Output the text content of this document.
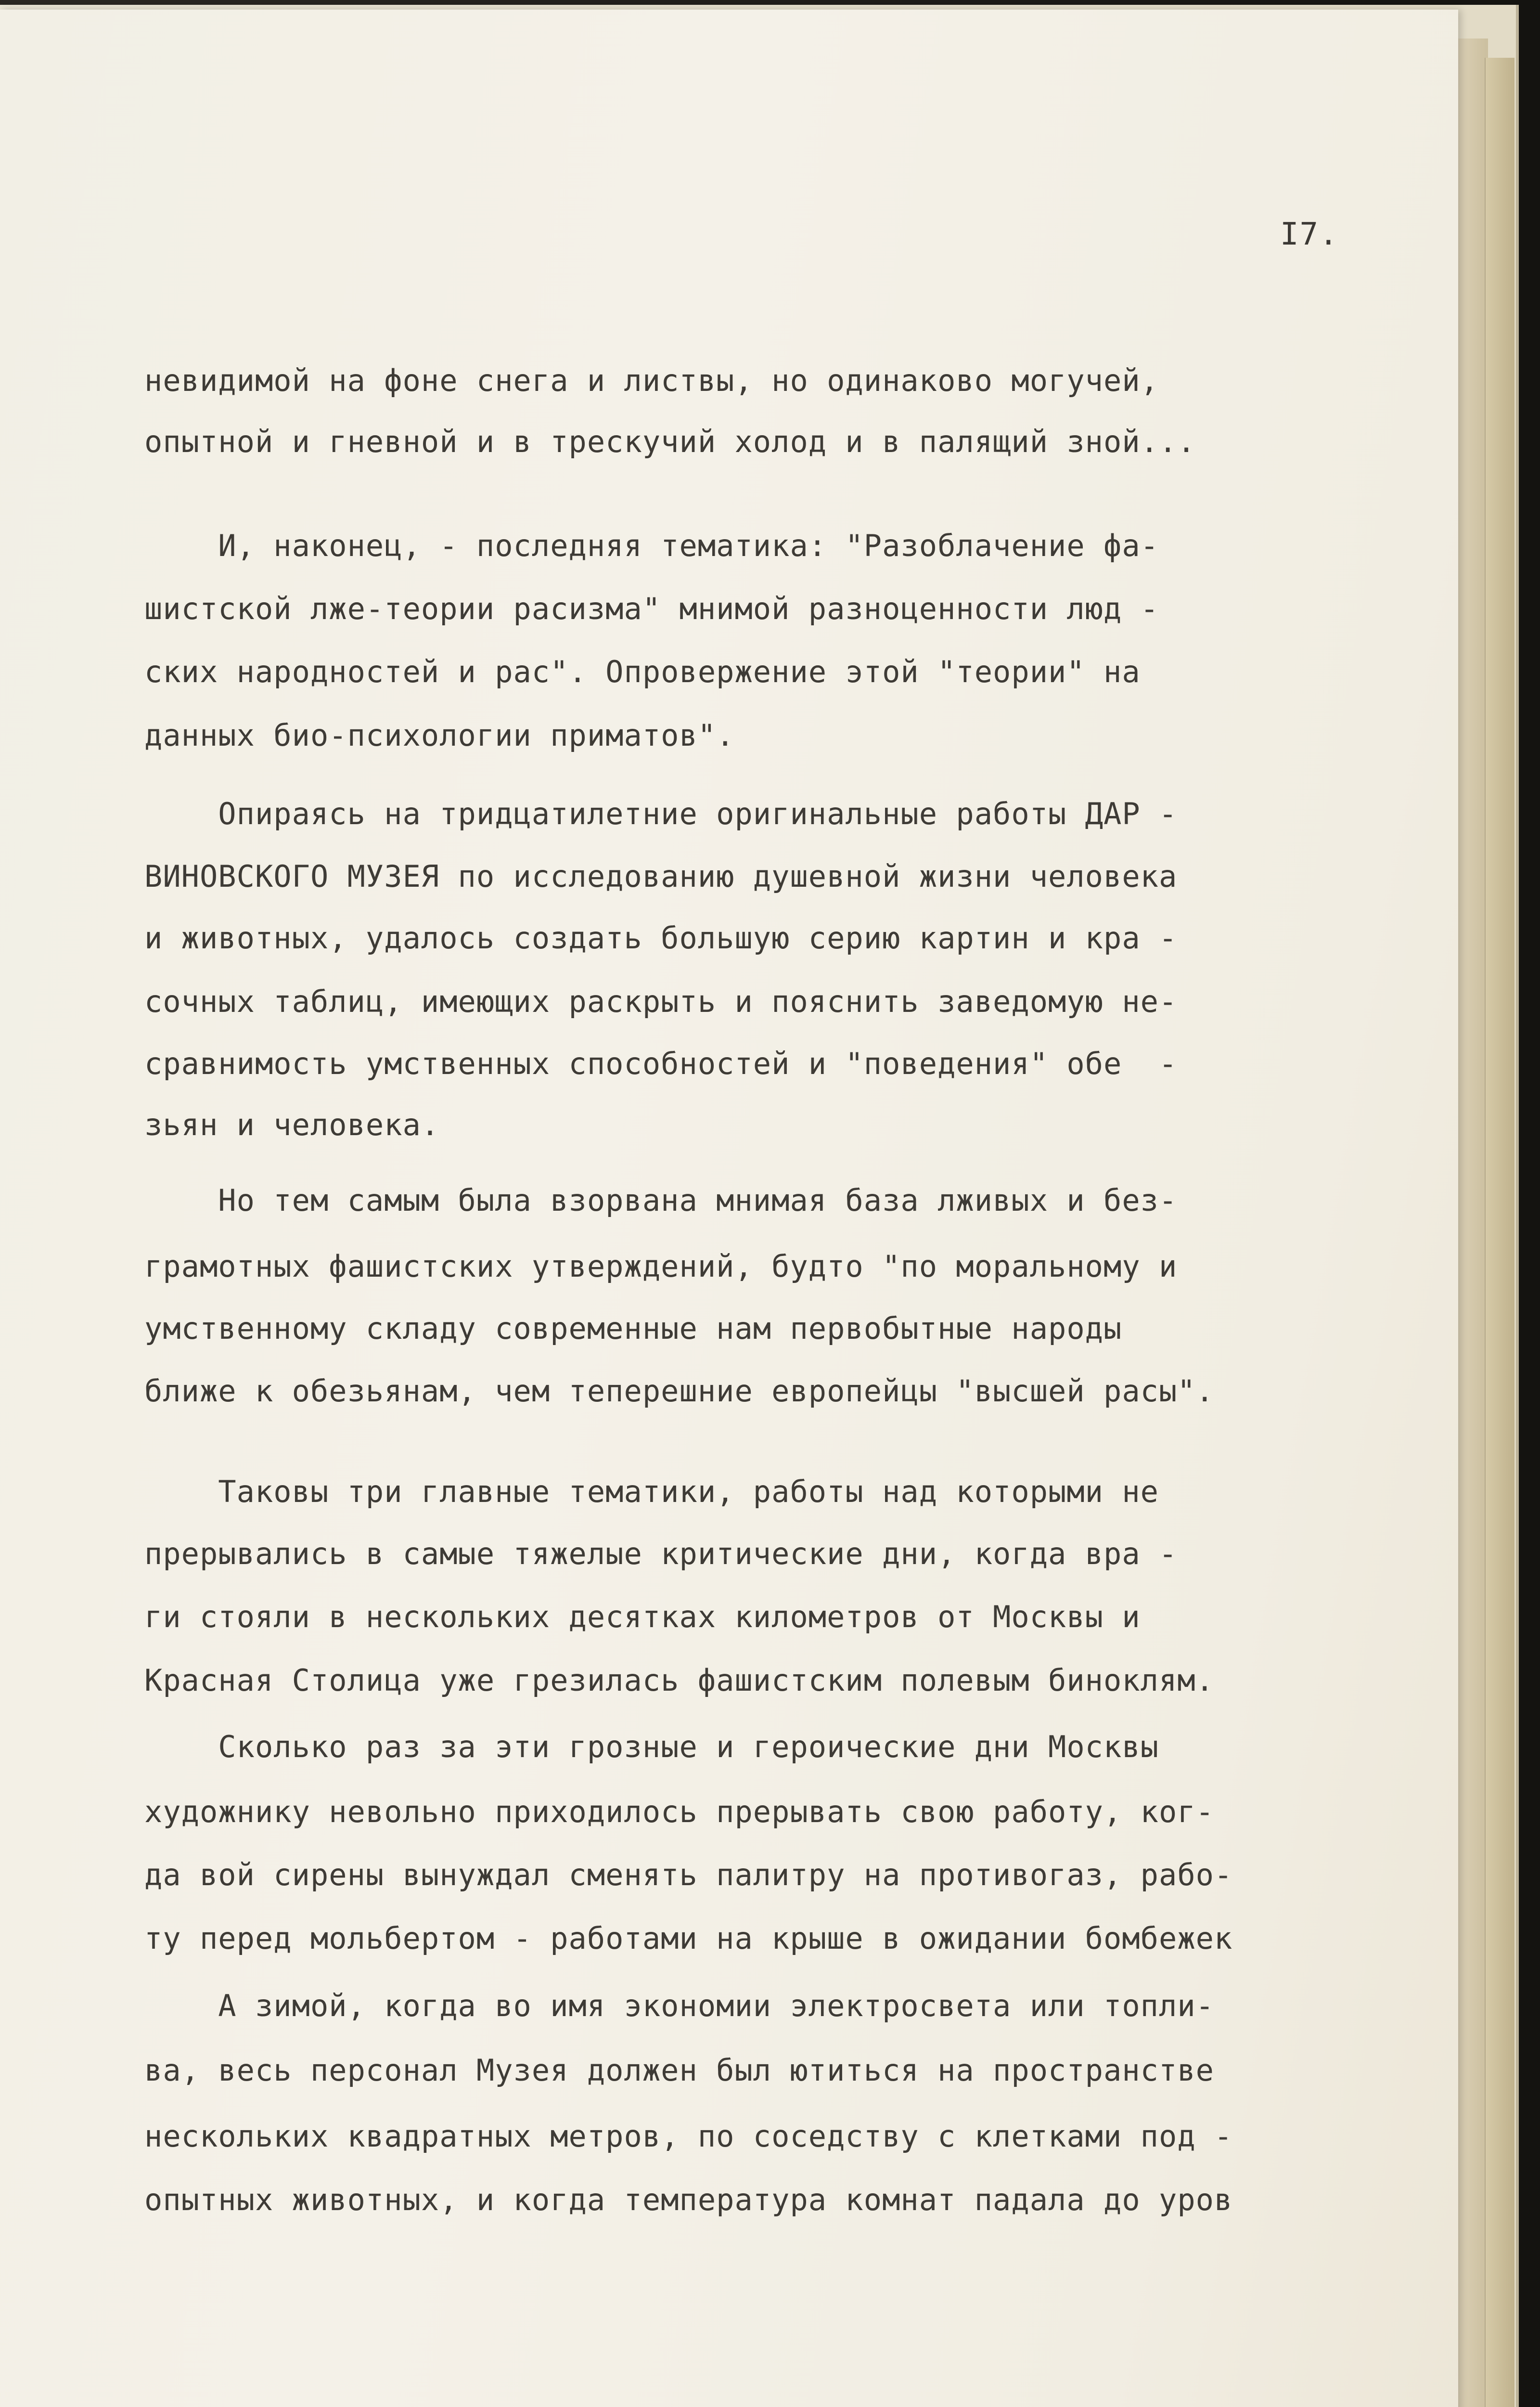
I7.
невидимой на фоне снега и листвы, но одинаково могучей,
опытной и гневной и в трескучий холод и в палящий зной...
И, наконец, - последняя тематика: "Разоблачение фа-
шистской лже-теории расизма" мнимой разноценности люд -
ских народностей и рас". Опровержение этой "теории" на
данных био-психологии приматов".
Опираясь на тридцатилетние оригинальные работы ДАР -
ВИНОВСКОГО МУЗЕЯ по исследованию душевной жизни человека
и животных, удалось создать большую серию картин и кра -
сочных таблиц, имеющих раскрыть и пояснить заведомую не-
сравнимость умственных способностей и "поведения" обе  -
зьян и человека.
Но тем самым была взорвана мнимая база лживых и без-
грамотных фашистских утверждений, будто "по моральному и
умственному складу современные нам первобытные народы
ближе к обезьянам, чем теперешние европейцы "высшей расы".
Таковы три главные тематики, работы над которыми не
прерывались в самые тяжелые критические дни, когда вра -
ги стояли в нескольких десятках километров от Москвы и
Красная Столица уже грезилась фашистским полевым биноклям.
Сколько раз за эти грозные и героические дни Москвы
художнику невольно приходилось прерывать свою работу, ког-
да вой сирены вынуждал сменять палитру на противогаз, рабо-
ту перед мольбертом - работами на крыше в ожидании бомбежек
А зимой, когда во имя экономии электросвета или топли-
ва, весь персонал Музея должен был ютиться на пространстве
нескольких квадратных метров, по соседству с клетками под -
опытных животных, и когда температура комнат падала до уров
